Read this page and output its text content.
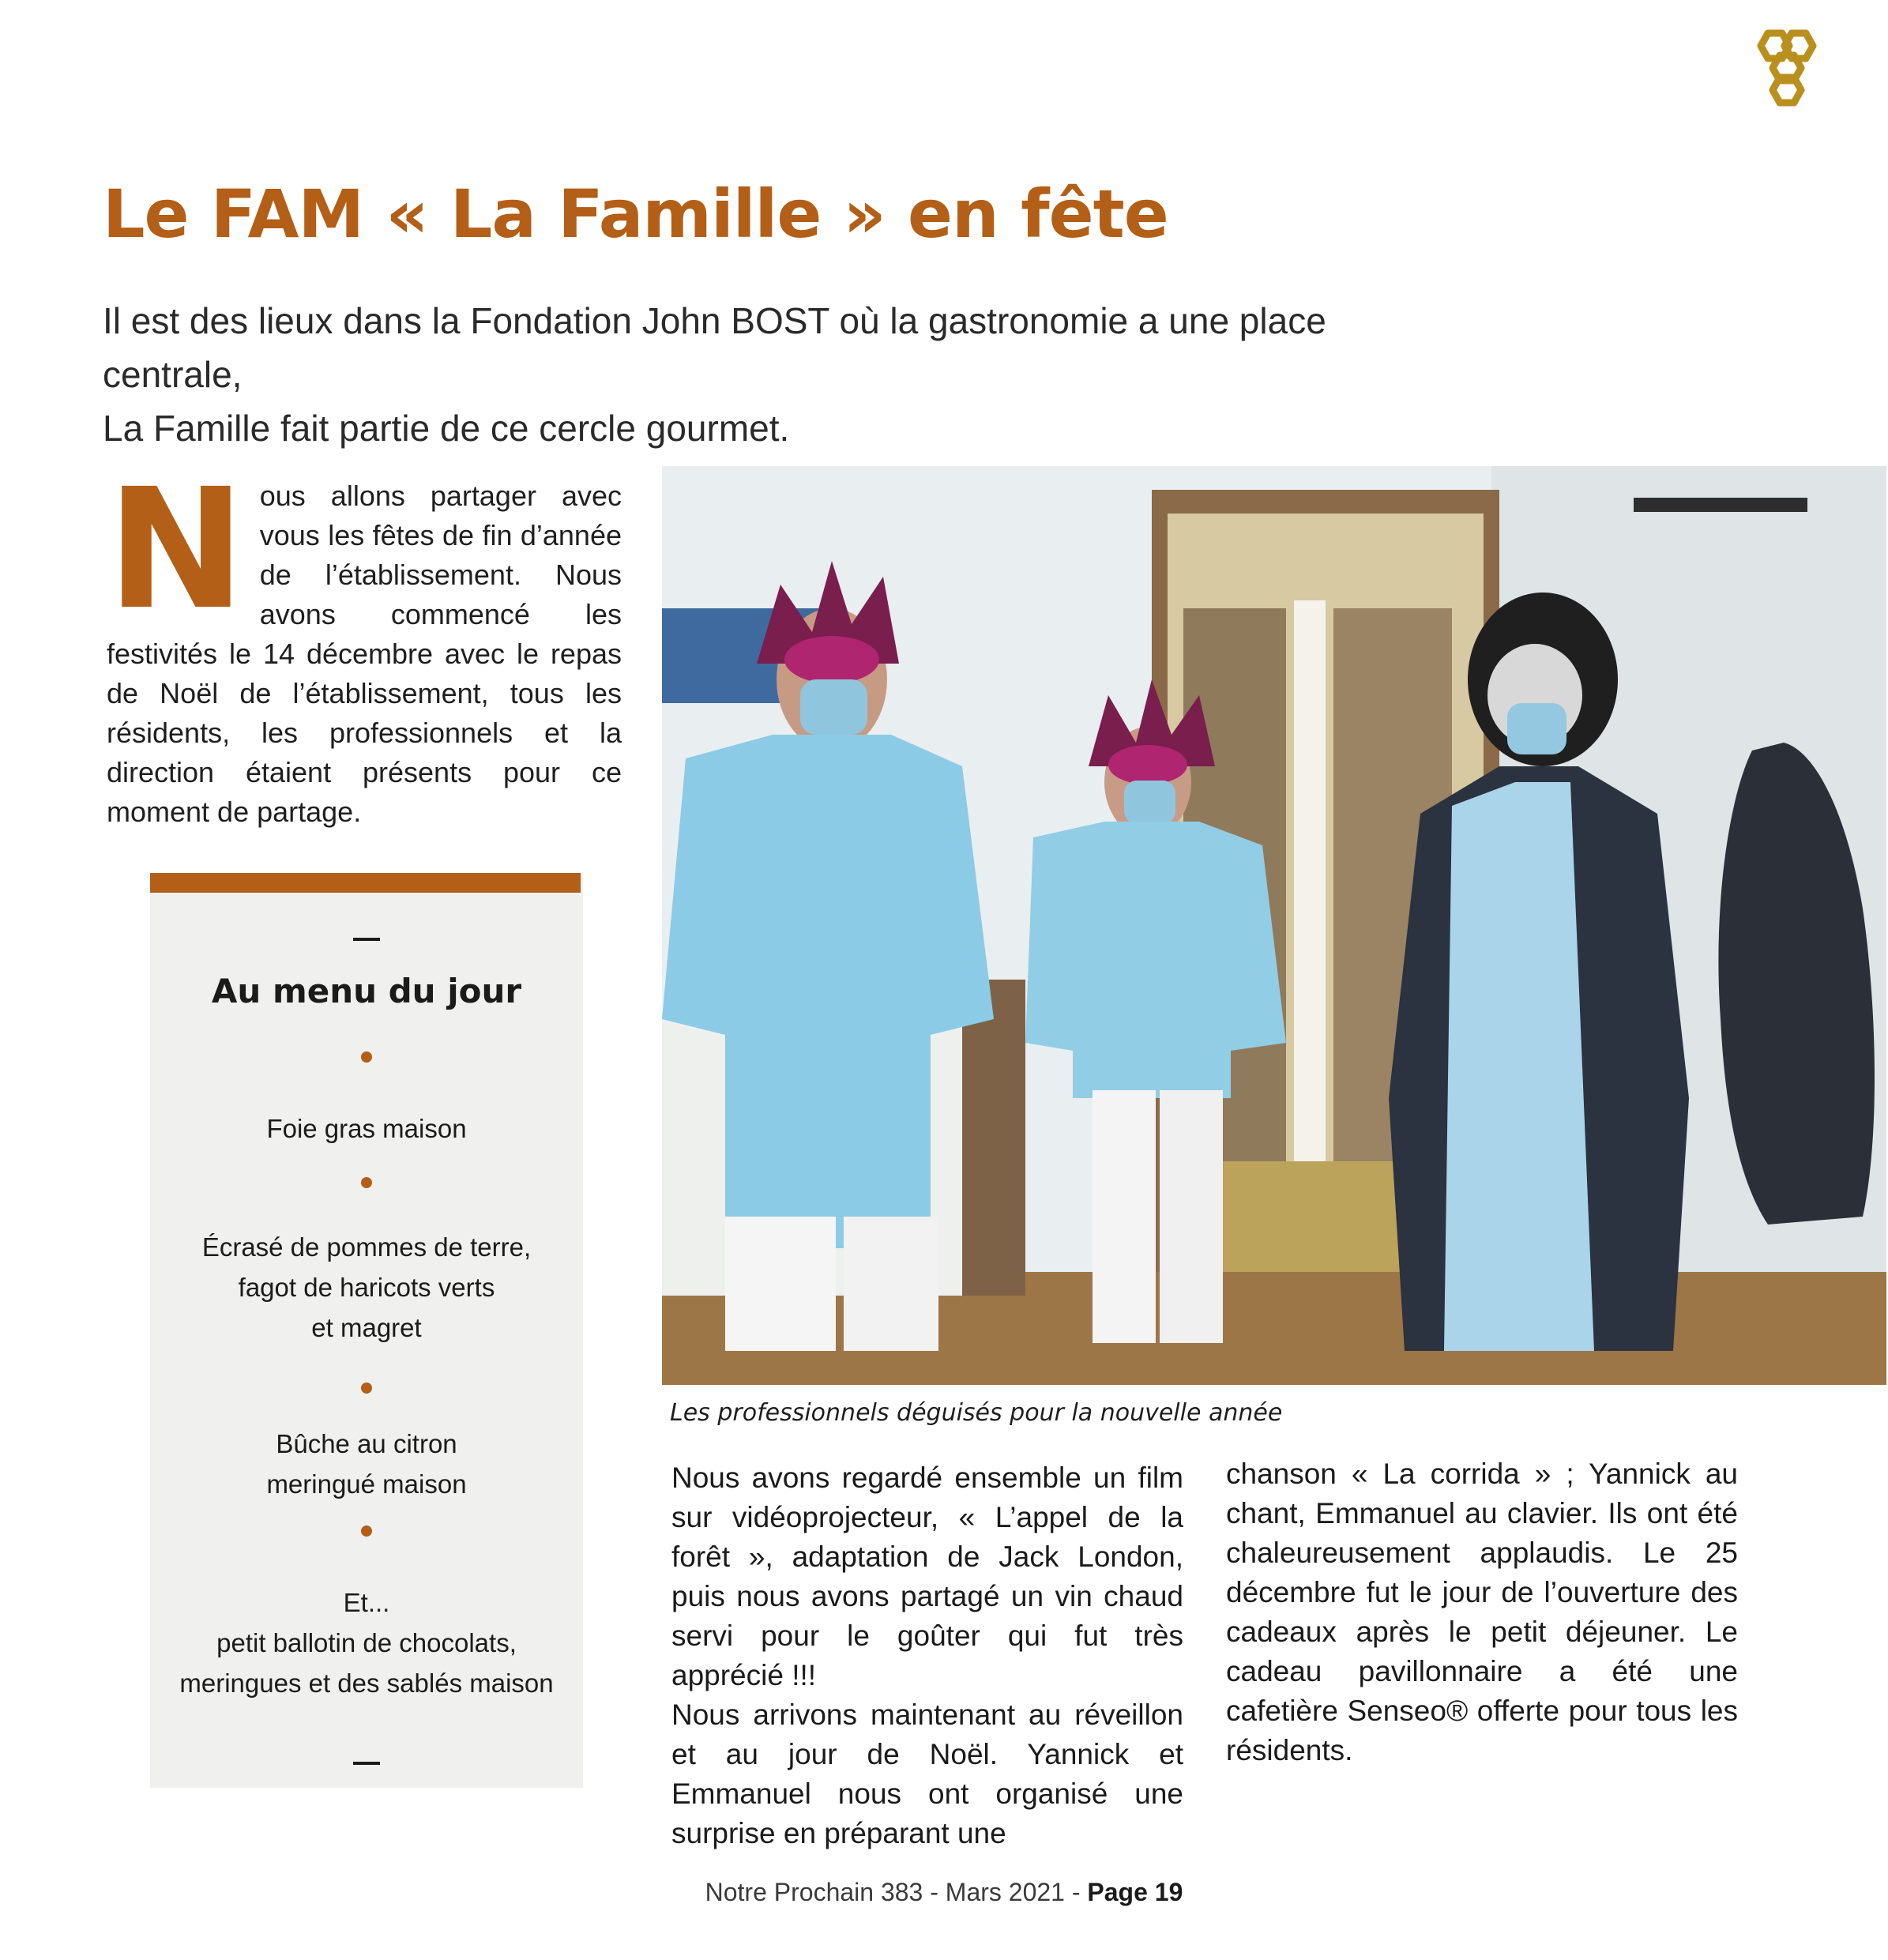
Le FAM « La Famille » en fête
Il est des lieux dans la Fondation John BOST où la gastronomie a une place centrale,
La Famille fait partie de ce cercle gourmet.
N ous allons partager avec vous les fêtes de fin d’année de l’établissement. Nous avons commencé les festivités le 14 décembre avec le repas de Noël de l’établissement, tous les résidents, les professionnels et la direction étaient présents pour ce moment de partage.
Au menu du jour
Foie gras maison
Écrasé de pommes de terre,
fagot de haricots verts
et magret
Bûche au citron
meringué maison
Et...
petit ballotin de chocolats,
meringues et des sablés maison

Les professionnels déguisés pour la nouvelle année

Nous avons regardé ensemble un film sur vidéoprojecteur, « L’appel de la forêt », adaptation de Jack London, puis nous avons partagé un vin chaud servi pour le goûter qui fut très apprécié !!!

Nous arrivons maintenant au réveillon et au jour de Noël. Yannick et Emmanuel nous ont organisé une surprise en préparant une

chanson « La corrida » ; Yannick au chant, Emmanuel au clavier. Ils ont été chaleureusement applaudis. Le 25 décembre fut le jour de l’ouverture des cadeaux après le petit déjeuner. Le cadeau pavillonnaire a été une cafetière Senseo® offerte pour tous les résidents.

Notre Prochain 383 - Mars 2021 - Page 19
